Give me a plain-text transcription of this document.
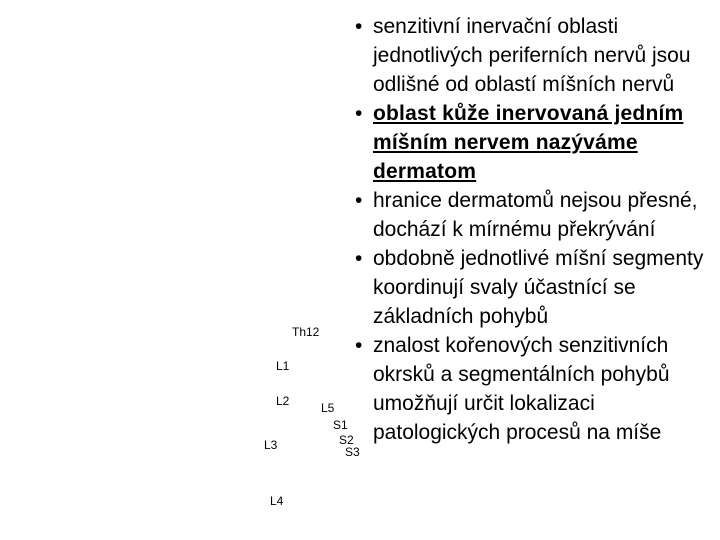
Th12
L1
L2
L3
L4
L5
S1
S2
S3
• senzitivní inervační oblasti jednotlivých periferních nervů jsou odlišné od oblastí míšních nervů
• oblast kůže inervovaná jedním míšním nervem nazýváme dermatom
• hranice dermatomů nejsou přesné, dochází k mírnému překrývání
• obdobně jednotlivé míšní segmenty koordinují svaly účastnící se základních pohybů
• znalost kořenových senzitivních okrsků a segmentálních pohybů umožňují určit lokalizaci patologických procesů na míše
